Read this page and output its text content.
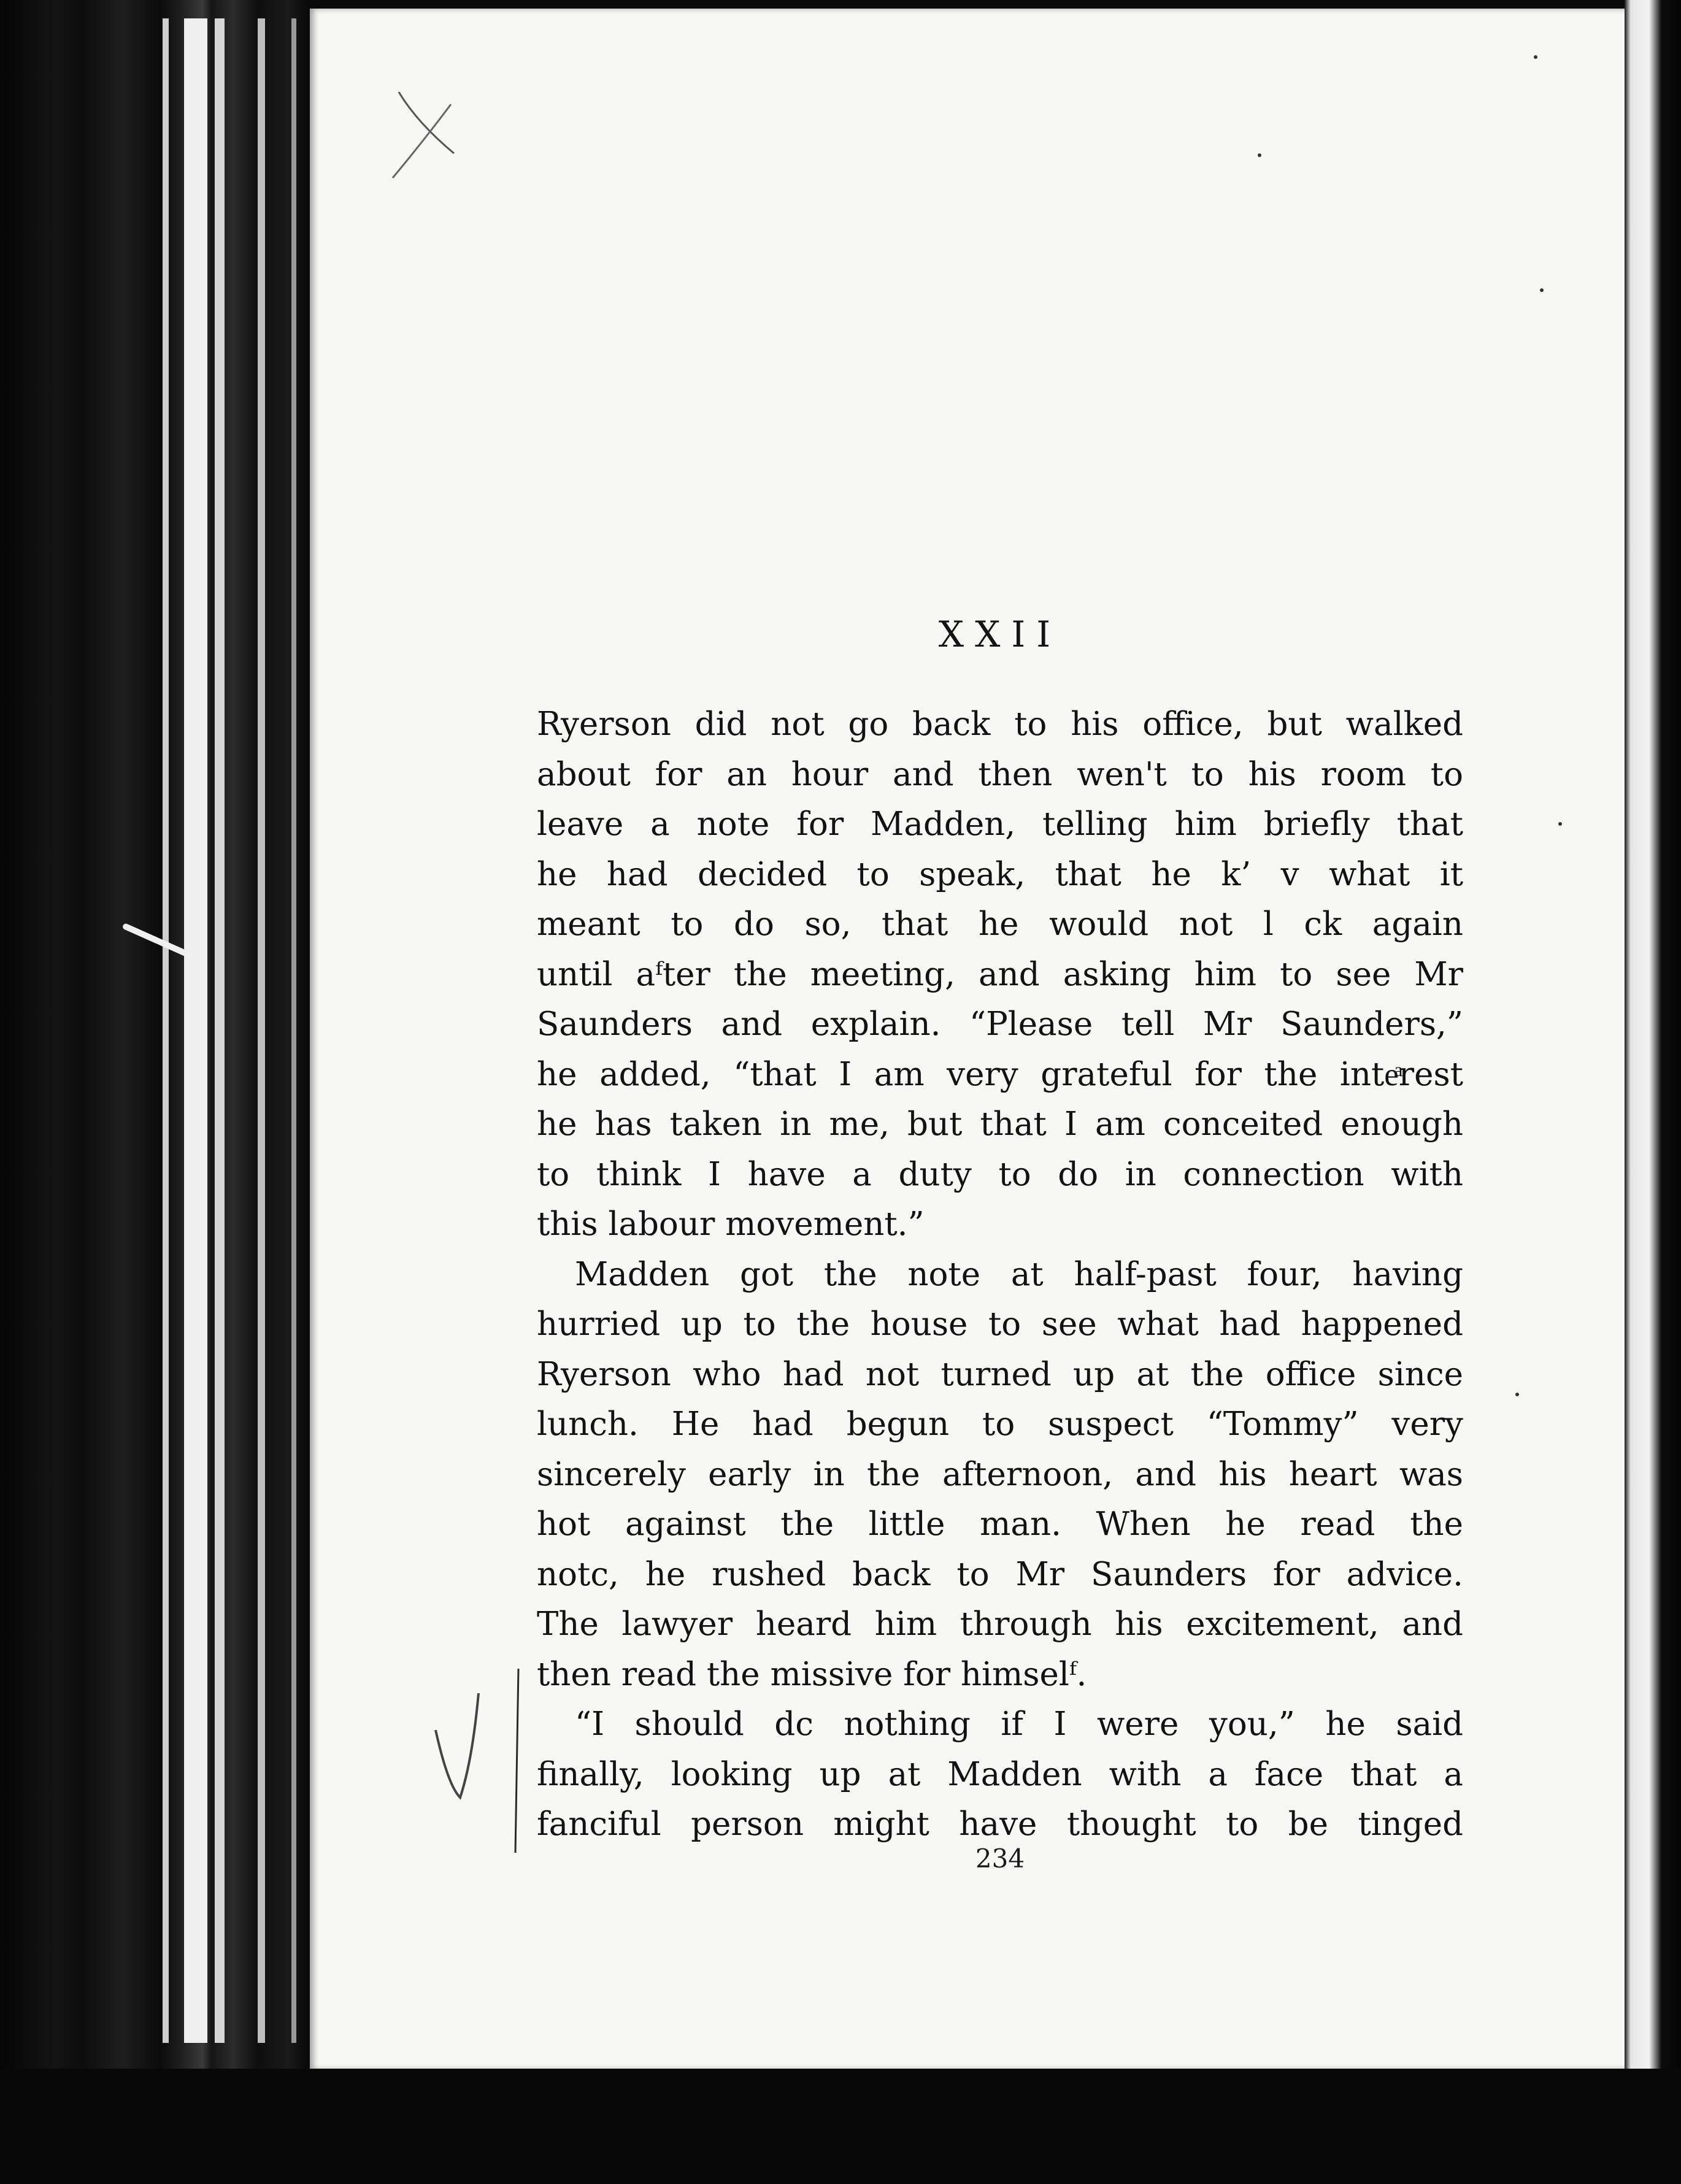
XXII
Ryerson did not go back to his office, but walked
about for an hour and then wen't to his room to
leave a note for Madden, telling him briefly that
he had decided to speak, that he k’ v what it
meant to do so, that he would not l ck again
until aᶠter the meeting, and asking him to see Mr
Saunders and explain. “Please tell Mr Saunders,”
he added, “that I am very grateful for the inteͣrest
he has taken in me, but that I am conceited enough
to think I have a duty to do in connection with
this labour movement.”
Madden got the note at half-past four, having
hurried up to the house to see what had happened
Ryerson who had not turned up at the office since
lunch. He had begun to suspect “Tommy” very
sincerely early in the afternoon, and his heart was
hot against the little man. When he read the
notc, he rushed back to Mr Saunders for advice.
The lawyer heard him through his excitement, and
then read the missive for himselᶠ.
“I should dc nothing if I were you,” he said
finally, looking up at Madden with a face that a
fanciful person might have thought to be tinged
234
